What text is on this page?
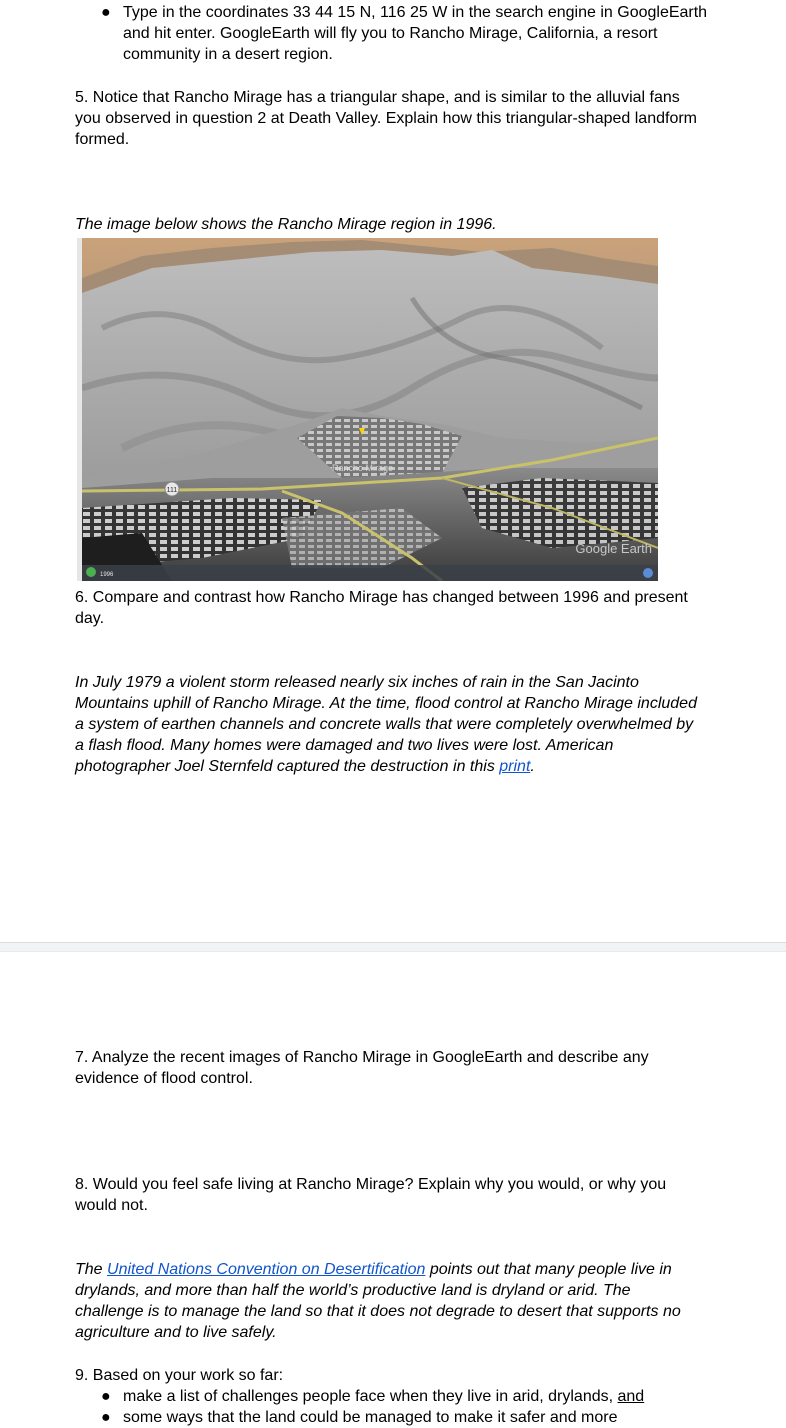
● Type in the coordinates 33 44 15 N, 116 25 W in the search engine in GoogleEarth and hit enter. GoogleEarth will fly you to Rancho Mirage, California, a resort community in a desert region.

5. Notice that Rancho Mirage has a triangular shape, and is similar to the alluvial fans you observed in question 2 at Death Valley. Explain how this triangular-shaped landform formed.

The image below shows the Rancho Mirage region in 1996.

111
Rancho Mirage
Google Earth
1996

6. Compare and contrast how Rancho Mirage has changed between 1996 and present day.

In July 1979 a violent storm released nearly six inches of rain in the San Jacinto Mountains uphill of Rancho Mirage. At the time, flood control at Rancho Mirage included a system of earthen channels and concrete walls that were completely overwhelmed by a flash flood. Many homes were damaged and two lives were lost. American photographer Joel Sternfeld captured the destruction in this print.

7. Analyze the recent images of Rancho Mirage in GoogleEarth and describe any evidence of flood control.

8. Would you feel safe living at Rancho Mirage? Explain why you would, or why you would not.

The United Nations Convention on Desertification points out that many people live in drylands, and more than half the world’s productive land is dryland or arid. The challenge is to manage the land so that it does not degrade to desert that supports no agriculture and to live safely.

9. Based on your work so far:

● make a list of challenges people face when they live in arid, drylands, and
● some ways that the land could be managed to make it safer and more
